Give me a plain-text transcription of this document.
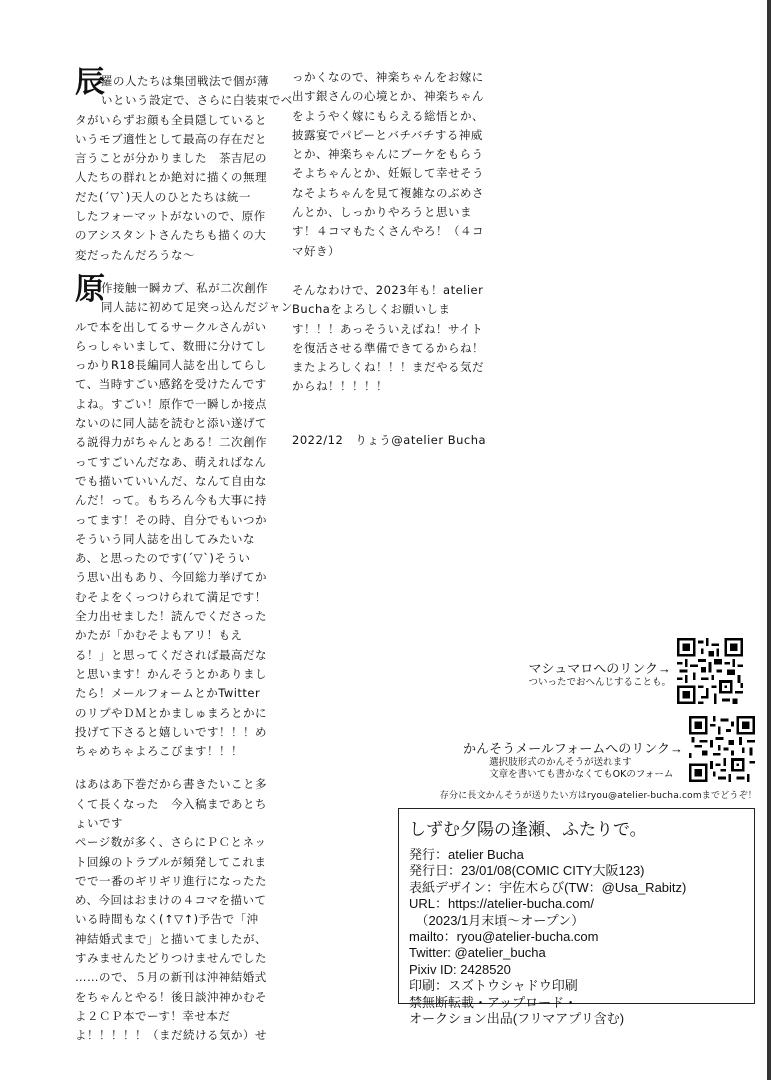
辰
羅の人たちは集団戦法で個が薄
いという設定で、さらに白装束でベ
タがいらずお顔も全員隠していると
いうモブ適性として最高の存在だと
言うことが分かりました　茶吉尼の
人たちの群れとか絶対に描くの無理
だた(´▽`)天人のひとたちは統一
したフォーマットがないので、原作
のアシスタントさんたちも描くの大
変だったんだろうな〜
原
作接触一瞬カプ、私が二次創作
同人誌に初めて足突っ込んだジャン
ルで本を出してるサークルさんがい
らっしゃいまして、数冊に分けてし
っかりR18長編同人誌を出してらし
て、当時すごい感銘を受けたんです
よね。すごい！原作で一瞬しか接点
ないのに同人誌を読むと添い遂げて
る説得力がちゃんとある！二次創作
ってすごいんだなあ、萌えればなん
でも描いていいんだ、なんて自由な
んだ！って。もちろん今も大事に持
ってます！その時、自分でもいつか
そういう同人誌を出してみたいな
あ、と思ったのです(´▽`)そうい
う思い出もあり、今回総力挙げてか
むそよをくっつけられて満足です！
全力出せました！読んでくださった
かたが「かむそよもアリ！もえ
る！」と思ってくだされば最高だな
と思います！かんそうとかありまし
たら！メールフォームとかTwitter
のリプやＤＭとかましゅまろとかに
投げて下さると嬉しいです！！！め
ちゃめちゃよろこびます！！！
はあはあ下巻だから書きたいこと多
くて長くなった　今入稿まであとち
ょいです
ページ数が多く、さらにＰＣとネッ
ト回線のトラブルが頻発してこれま
でで一番のギリギリ進行になったた
め、今回はおまけの４コマを描いて
いる時間もなく(↑▽↑)予告で「沖
神結婚式まで」と描いてましたが、
すみませんたどりつけませんでした
……ので、５月の新刊は沖神結婚式
をちゃんとやる！後日談沖神かむそ
よ２ＣＰ本でーす！幸せ本だ
よ！！！！！（まだ続ける気か）せ
っかくなので、神楽ちゃんをお嫁に
出す銀さんの心境とか、神楽ちゃん
をようやく嫁にもらえる総悟とか、
披露宴でパピーとバチバチする神威
とか、神楽ちゃんにブーケをもらう
そよちゃんとか、妊娠して幸せそう
なそよちゃんを見て複雑なのぶめさ
んとか、しっかりやろうと思いま
す！４コマもたくさんやろ！（４コ
マ好き）
そんなわけで、2023年も！atelier
Buchaをよろしくお願いしま
す！！！あっそういえばね！サイト
を復活させる準備できてるからね！
またよろしくね！！！まだやる気だ
からね！！！！！
2022/12　りょう@atelier Bucha
マシュマロへのリンク→
ついったでおへんじすることも。
かんそうメールフォームへのリンク→
選択肢形式のかんそうが送れます
文章を書いても書かなくてもOKのフォーム
存分に長文かんそうが送りたい方はryou@atelier-bucha.comまでどうぞ！
しずむ夕陽の逢瀬、ふたりで。
発行：atelier Bucha
発行日：23/01/08(COMIC CITY大阪123)
表紙デザイン：宇佐木らび(TW：@Usa_Rabitz)
URL：https://atelier-bucha.com/
　（2023/1月末頃〜オープン）
mailto：ryou@atelier-bucha.com
Twitter: @atelier_bucha
Pixiv ID: 2428520
印刷：スズトウシャドウ印刷
禁無断転載・アップロード・
オークション出品(フリマアプリ含む)
